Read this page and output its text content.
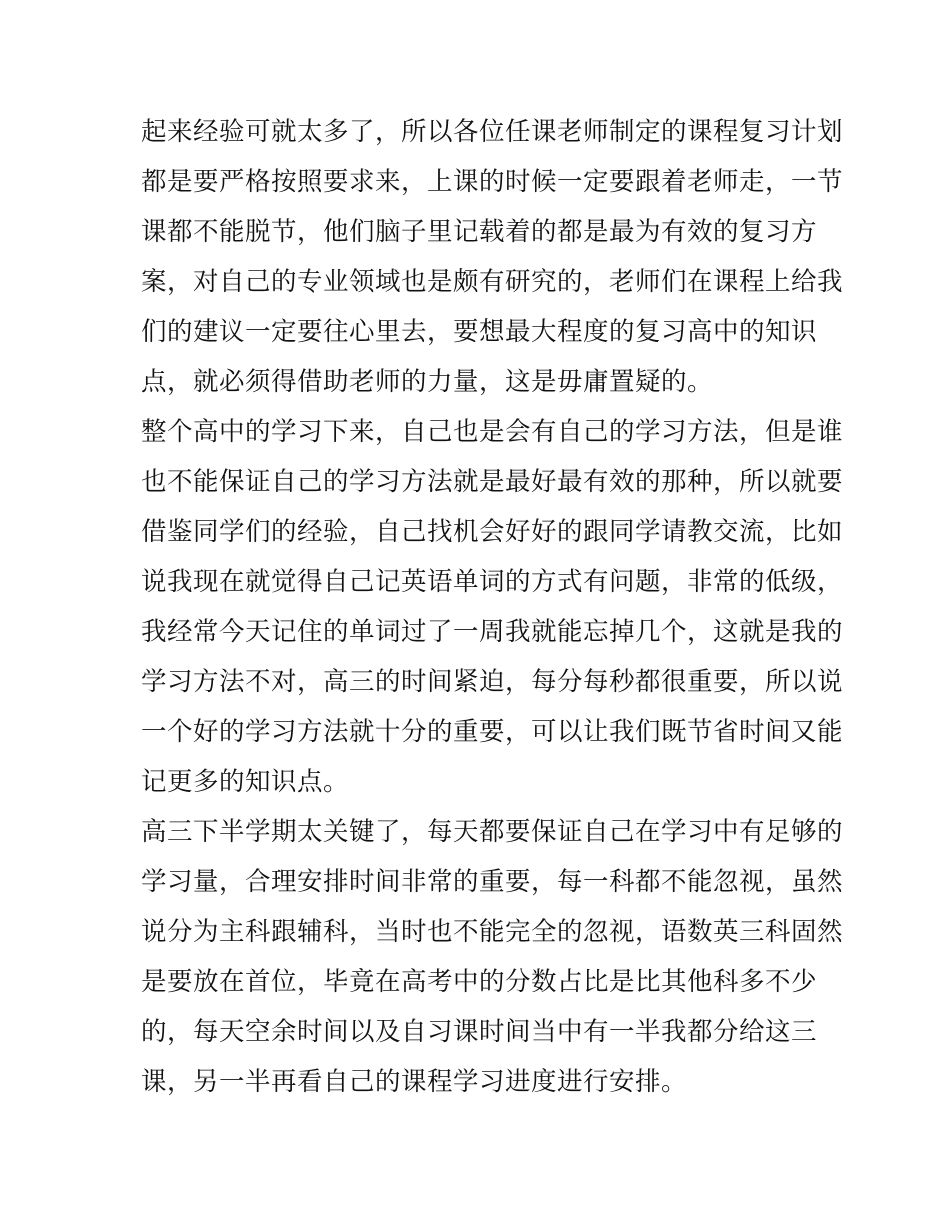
起来经验可就太多了，所以各位任课老师制定的课程复习计划
都是要严格按照要求来，上课的时候一定要跟着老师走，一节
课都不能脱节，他们脑子里记载着的都是最为有效的复习方
案，对自己的专业领域也是颇有研究的，老师们在课程上给我
们的建议一定要往心里去，要想最大程度的复习高中的知识
点，就必须得借助老师的力量，这是毋庸置疑的。
整个高中的学习下来，自己也是会有自己的学习方法，但是谁
也不能保证自己的学习方法就是最好最有效的那种，所以就要
借鉴同学们的经验，自己找机会好好的跟同学请教交流，比如
说我现在就觉得自己记英语单词的方式有问题，非常的低级，
我经常今天记住的单词过了一周我就能忘掉几个，这就是我的
学习方法不对，高三的时间紧迫，每分每秒都很重要，所以说
一个好的学习方法就十分的重要，可以让我们既节省时间又能
记更多的知识点。
高三下半学期太关键了，每天都要保证自己在学习中有足够的
学习量，合理安排时间非常的重要，每一科都不能忽视，虽然
说分为主科跟辅科，当时也不能完全的忽视，语数英三科固然
是要放在首位，毕竟在高考中的分数占比是比其他科多不少
的，每天空余时间以及自习课时间当中有一半我都分给这三
课，另一半再看自己的课程学习进度进行安排。
